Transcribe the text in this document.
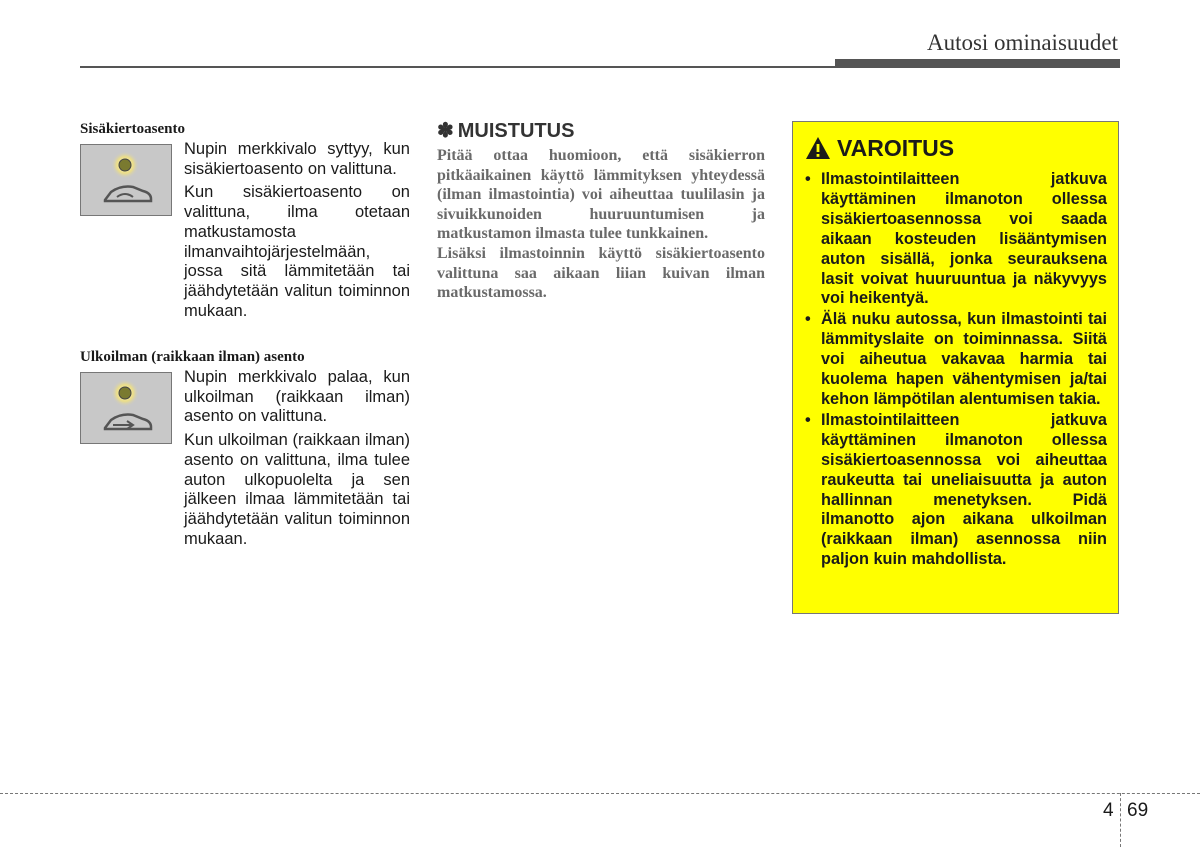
Autosi ominaisuudet
Sisäkiertoasento

Nupin merkkivalo syttyy, kun sisäkiertoasento on valittuna.

Kun sisäkiertoasento on valittuna, ilma otetaan matkustamosta ilmanvaihtojärjestelmään, jossa sitä lämmitetään tai jäähdytetään valitun toiminnon mukaan.

Ulkoilman (raikkaan ilman) asento

Nupin merkkivalo palaa, kun ulkoilman (raikkaan ilman) asento on valittuna.

Kun ulkoilman (raikkaan ilman) asento on valittuna, ilma tulee auton ulkopuolelta ja sen jälkeen ilmaa lämmitetään tai jäähdytetään valitun toiminnon mukaan.

✽ MUISTUTUS

Pitää ottaa huomioon, että sisäkierron pitkäaikainen käyttö lämmityksen yhteydessä (ilman ilmastointia) voi aiheuttaa tuulilasin ja sivuikkunoiden huuruuntumisen ja matkustamon ilmasta tulee tunkkainen.

Lisäksi ilmastoinnin käyttö sisäkiertoasento valittuna saa aikaan liian kuivan ilman matkustamossa.

VAROITUS
• Ilmastointilaitteen jatkuva käyttäminen ilmanoton ollessa sisäkiertoasennossa voi saada aikaan kosteuden lisääntymisen auton sisällä, jonka seurauksena lasit voivat huuruuntua ja näkyvyys voi heikentyä.
• Älä nuku autossa, kun ilmastointi tai lämmityslaite on toiminnassa. Siitä voi aiheutua vakavaa harmia tai kuolema hapen vähentymisen ja/tai kehon lämpötilan alentumisen takia.
• Ilmastointilaitteen jatkuva käyttäminen ilmanoton ollessa sisäkiertoasennossa voi aiheuttaa raukeutta tai uneliaisuutta ja auton hallinnan menetyksen. Pidä ilmanotto ajon aikana ulkoilman (raikkaan ilman) asennossa niin paljon kuin mahdollista.
4 69
